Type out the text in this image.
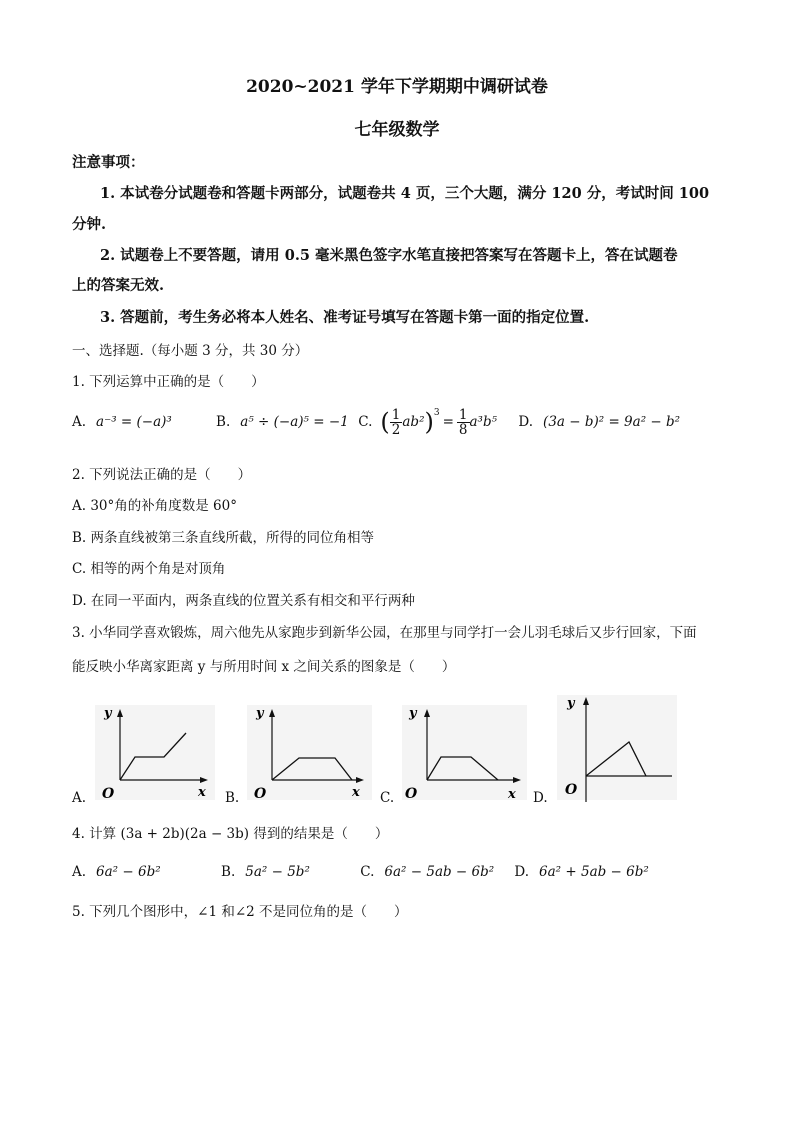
2020~2021 学年下学期期中调研试卷
七年级数学
注意事项：
1. 本试卷分试题卷和答题卡两部分，试题卷共 4 页，三个大题，满分 120 分，考试时间 100
分钟.
2. 试题卷上不要答题，请用 0.5 毫米黑色签字水笔直接把答案写在答题卡上，答在试题卷
上的答案无效.
3. 答题前，考生务必将本人姓名、准考证号填写在答题卡第一面的指定位置.
一、选择题.（每小题 3 分，共 30 分）
1. 下列运算中正确的是（　　）
A. a⁻³ = (−a)³	B. a⁵ ÷ (−a)⁵ = −1 C. ( $\frac{1}{2} ab^2$ )$^3$
= $\frac{1}{8} a^3b^5$ D. (3a − b)² = 9a² − b²
2. 下列说法正确的是（　　）
A. 30°角的补角度数是 60°
B. 两条直线被第三条直线所截，所得的同位角相等
C. 相等的两个角是对顶角
D. 在同一平面内，两条直线的位置关系有相交和平行两种
3. 小华同学喜欢锻炼，周六他先从家跑步到新华公园，在那里与同学打一会儿羽毛球后又步行回家，下面
能反映小华离家距离 y 与所用时间 x 之间关系的图象是（　　）
A.
y
x
O	B.
y
x
O	C.
y
x
O	D.
y
O
4. 计算 (3a + 2b)(2a − 3b) 得到的结果是（　　）
A. 6a² − 6b²	B. 5a² − 5b²	C. 6a² − 5ab − 6b²	D. 6a² + 5ab − 6b²
5. 下列几个图形中，∠1 和∠2 不是同位角的是（　　）
